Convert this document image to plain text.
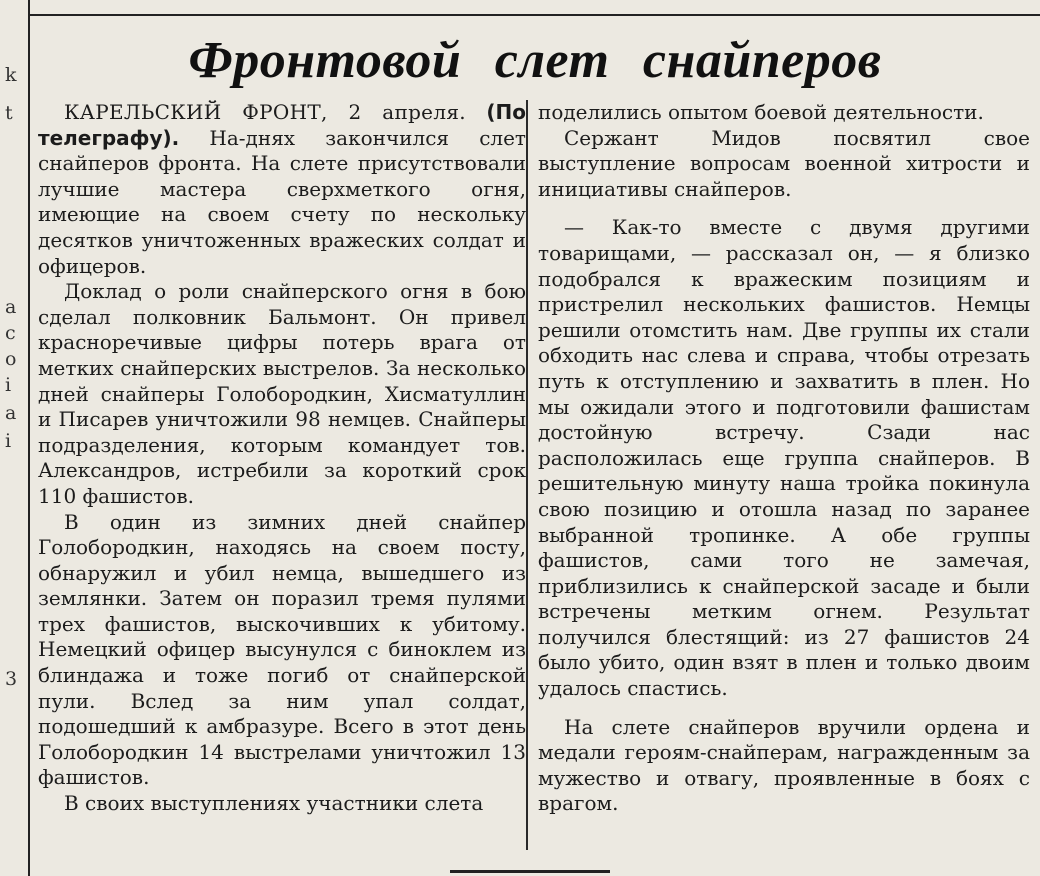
k
t
a
c
o
i
a
i
3
Фронтовой слет снайперов

КАРЕЛЬСКИЙ ФРОНТ, 2 апреля. (По телеграфу). На-днях закончился слет снайперов фронта. На слете присутствовали лучшие мастера сверхметкого огня, имеющие на своем счету по нескольку десятков уничтоженных вражеских солдат и офицеров.

Доклад о роли снайперского огня в бою сделал полковник Бальмонт. Он привел красноречивые цифры потерь врага от метких снайперских выстрелов. За несколько дней снайперы Голобородкин, Хисматуллин и Писарев уничтожили 98 немцев. Снайперы подразделения, которым командует тов. Александров, истребили за короткий срок 110 фашистов.

В один из зимних дней снайпер Голобородкин, находясь на своем посту, обнаружил и убил немца, вышедшего из землянки. Затем он поразил тремя пулями трех фашистов, выскочивших к убитому. Немецкий офицер высунулся с биноклем из блиндажа и тоже погиб от снайперской пули. Вслед за ним упал солдат, подошедший к амбразуре. Всего в этот день Голобородкин 14 выстрелами уничтожил 13 фашистов.

В своих выступлениях участники слета

поделились опытом боевой деятельности.

Сержант Мидов посвятил свое выступление вопросам военной хитрости и инициативы снайперов.

— Как-то вместе с двумя другими товарищами, — рассказал он, — я близко подобрался к вражеским позициям и пристрелил нескольких фашистов. Немцы решили отомстить нам. Две группы их стали обходить нас слева и справа, чтобы отрезать путь к отступлению и захватить в плен. Но мы ожидали этого и подготовили фашистам достойную встречу. Сзади нас расположилась еще группа снайперов. В решительную минуту наша тройка покинула свою позицию и отошла назад по заранее выбранной тропинке. А обе группы фашистов, сами того не замечая, приблизились к снайперской засаде и были встречены метким огнем. Результат получился блестящий: из 27 фашистов 24 было убито, один взят в плен и только двоим удалось спастись.

На слете снайперов вручили ордена и медали героям-снайперам, награжденным за мужество и отвагу, проявленные в боях с врагом.
